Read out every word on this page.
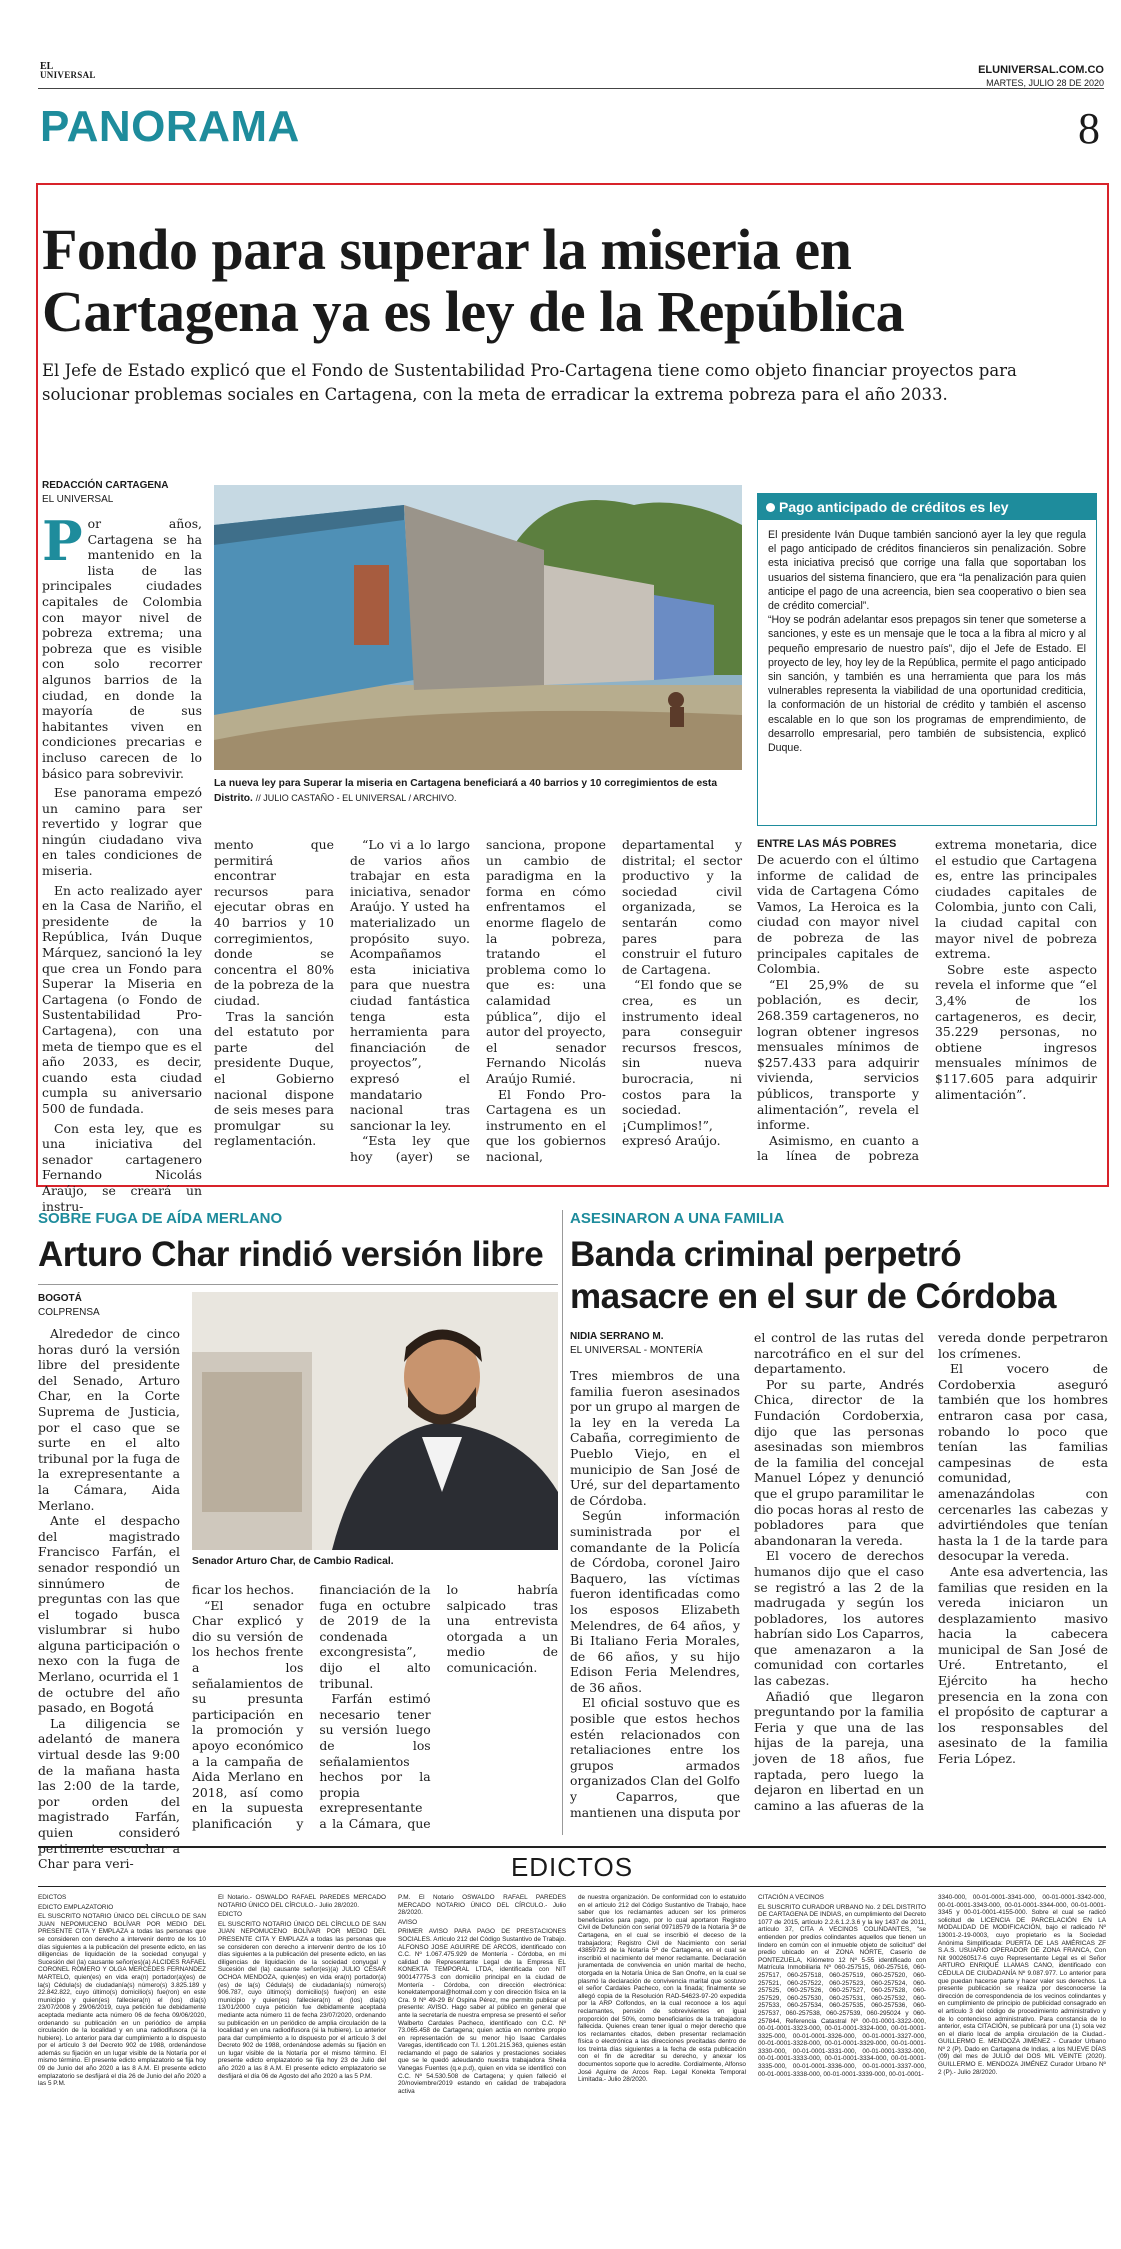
EL
UNIVERSAL	ELUNIVERSAL.COM.CO
MARTES, JULIO 28 DE 2020
PANORAMA	8
Fondo para superar la miseria en
Cartagena ya es ley de la República
El Jefe de Estado explicó que el Fondo de Sustentabilidad Pro-Cartagena tiene como objeto financiar proyectos para solucionar problemas sociales en Cartagena, con la meta de erradicar la extrema pobreza para el año 2033.
REDACCIÓN CARTAGENA
EL UNIVERSAL
La nueva ley para Superar la miseria en Cartagena beneficiará a 40 barrios y 10 corregimientos de esta Distrito. // JULIO CASTAÑO - EL UNIVERSAL / ARCHIVO.
Pago anticipado de créditos es ley

El presidente Iván Duque también sancionó ayer la ley que regula el pago anticipado de créditos financieros sin penalización. Sobre esta iniciativa precisó que corrige una falla que soportaban los usuarios del sistema financiero, que era “la penalización para quien anticipe el pago de una acreencia, bien sea cooperativo o bien sea de crédito comercial”.

“Hoy se podrán adelantar esos prepagos sin tener que someterse a sanciones, y este es un mensaje que le toca a la fibra al micro y al pequeño empresario de nuestro país”, dijo el Jefe de Estado. El proyecto de ley, hoy ley de la República, permite el pago anticipado sin sanción, y también es una herramienta que para los más vulnerables representa la viabilidad de una oportunidad crediticia, la conformación de un historial de crédito y también el ascenso escalable en lo que son los programas de emprendimiento, de desarrollo empresarial, pero también de subsistencia, explicó Duque.

Por años, Cartagena se ha mantenido en la lista de las principales ciudades capitales de Colombia con mayor nivel de pobreza extrema; una pobreza que es visible con solo recorrer algunos barrios de la ciudad, en donde la mayoría de sus habitantes viven en condiciones precarias e incluso carecen de lo básico para sobrevivir.

Ese panorama empezó un camino para ser revertido y lograr que ningún ciudadano viva en tales condiciones de miseria.

En acto realizado ayer en la Casa de Nariño, el presidente de la República, Iván Duque Márquez, sancionó la ley que crea un Fondo para Superar la Miseria en Cartagena (o Fondo de Sustentabilidad Pro-Cartagena), con una meta de tiempo que es el año 2033, es decir, cuando esta ciudad cumpla su aniversario 500 de fundada.

Con esta ley, que es una iniciativa del senador cartagenero Fernando Nicolás Araújo, se creará un instru-

mento que permitirá encontrar recursos para ejecutar obras en 40 barrios y 10 corregimientos, donde se concentra el 80% de la pobreza de la ciudad.

Tras la sanción del estatuto por parte del presidente Duque, el Gobierno nacional dispone de seis meses para promulgar su reglamentación.

“Lo vi a lo largo de varios años trabajar en esta iniciativa, senador Araújo. Y usted ha materializado un propósito suyo. Acompañamos esta iniciativa para que nuestra ciudad fantástica tenga esta herramienta para financiación de proyectos”, expresó el mandatario nacional tras sancionar la ley.

“Esta ley que hoy (ayer) se sanciona, propone un cambio de paradigma en la forma en cómo enfrentamos el enorme flagelo de la pobreza, tratando el problema como lo que es: una calamidad pública”, dijo el autor del proyecto, el senador Fernando Nicolás Araújo Rumié.

El Fondo Pro-Cartagena es un instrumento en el que los gobiernos nacional, departamental y distrital; el sector productivo y la sociedad civil organizada, se sentarán como pares para construir el futuro de Cartagena.

“El fondo que se crea, es un instrumento ideal para conseguir recursos frescos, sin nueva burocracia, ni costos para la sociedad. ¡Cumplimos!”, expresó Araújo.

ENTRE LAS MÁS POBRES

De acuerdo con el último informe de calidad de vida de Cartagena Cómo Vamos, La Heroica es la ciudad con mayor nivel de pobreza de las principales capitales de Colombia.

“El 25,9% de su población, es decir, 268.359 cartageneros, no logran obtener ingresos mensuales mínimos de $257.433 para adquirir vivienda, servicios públicos, transporte y alimentación”, revela el informe.

Asimismo, en cuanto a la línea de pobreza extrema monetaria, dice el estudio que Cartagena es, entre las principales ciudades capitales de Colombia, junto con Cali, la ciudad capital con mayor nivel de pobreza extrema.

Sobre este aspecto revela el informe que “el 3,4% de los cartageneros, es decir, 35.229 personas, no obtiene ingresos mensuales mínimos de $117.605 para adquirir alimentación”.

SOBRE FUGA DE AÍDA MERLANO
Arturo Char rindió versión libre
BOGOTÁ
COLPRENSA

Alrededor de cinco horas duró la versión libre del presidente del Senado, Arturo Char, en la Corte Suprema de Justicia, por el caso que se surte en el alto tribunal por la fuga de la exrepresentante a la Cámara, Aida Merlano.

Ante el despacho del magistrado Francisco Farfán, el senador respondió un sinnúmero de preguntas con las que el togado busca vislumbrar si hubo alguna participación o nexo con la fuga de Merlano, ocurrida el 1 de octubre del año pasado, en Bogotá

La diligencia se adelantó de manera virtual desde las 9:00 de la mañana hasta las 2:00 de la tarde, por orden del magistrado Farfán, quien consideró pertinente escuchar a Char para veri-

Senador Arturo Char, de Cambio Radical.

ficar los hechos.

“El senador Char explicó y dio su versión de los hechos frente a los señalamientos de su presunta participación en la promoción y apoyo económico a la campaña de Aida Merlano en 2018, así como en la supuesta planificación y financiación de la fuga en octubre de 2019 de la condenada excongresista”, dijo el alto tribunal.

Farfán estimó necesario tener su versión luego de los señalamientos hechos por la propia exrepresentante a la Cámara, que lo habría salpicado tras una entrevista otorgada a un medio de comunicación.

ASESINARON A UNA FAMILIA
Banda criminal perpetró
masacre en el sur de Córdoba
NIDIA SERRANO M.
EL UNIVERSAL - MONTERÍA

Tres miembros de una familia fueron asesinados por un grupo al margen de la ley en la vereda La Cabaña, corregimiento de Pueblo Viejo, en el municipio de San José de Uré, sur del departamento de Córdoba.

Según información suministrada por el comandante de la Policía de Córdoba, coronel Jairo Baquero, las víctimas fueron identificadas como los esposos Elizabeth Melendres, de 64 años, y Bi Italiano Feria Morales, de 66 años, y su hijo Edison Feria Melendres, de 36 años.

El oficial sostuvo que es posible que estos hechos estén relacionados con retaliaciones entre los grupos armados organizados Clan del Golfo y Caparros, que mantienen una disputa por el control de las rutas del narcotráfico en el sur del departamento.

Por su parte, Andrés Chica, director de la Fundación Cordoberxia, dijo que las personas asesinadas son miembros de la familia del concejal Manuel López y denunció que el grupo paramilitar le dio pocas horas al resto de pobladores para que abandonaran la vereda.

El vocero de derechos humanos dijo que el caso se registró a las 2 de la madrugada y según los pobladores, los autores habrían sido Los Caparros, que amenazaron a la comunidad con cortarles las cabezas.

Añadió que llegaron preguntando por la familia Feria y que una de las hijas de la pareja, una joven de 18 años, fue raptada, pero luego la dejaron en libertad en un camino a las afueras de la vereda donde perpetraron los crímenes.

El vocero de Cordoberxia aseguró también que los hombres entraron casa por casa, robando lo poco que tenían las familias campesinas de esta comunidad, amenazándolas con cercenarles las cabezas y advirtiéndoles que tenían hasta la 1 de la tarde para desocupar la vereda.

Ante esa advertencia, las familias que residen en la vereda iniciaron un desplazamiento masivo hacia la cabecera municipal de San José de Uré. Entretanto, el Ejército ha hecho presencia en la zona con el propósito de capturar a los responsables del asesinato de la familia Feria López.

EDICTOS

EDICTOS

EDICTO EMPLAZATORIO

EL SUSCRITO NOTARIO ÚNICO DEL CÍRCULO DE SAN JUAN NEPOMUCENO BOLÍVAR POR MEDIO DEL PRESENTE CITA Y EMPLAZA a todas las personas que se consideren con derecho a intervenir dentro de los 10 días siguientes a la publicación del presente edicto, en las diligencias de liquidación de la sociedad conyugal y Sucesión del (la) causante señor(es)(a) ALCIDES RAFAEL CORONEL ROMERO Y OLGA MERCEDES FERNANDEZ MARTELO, quien(es) en vida era(n) portador(a)(es) de la(s) Cédula(s) de ciudadanía(s) número(s) 3.825.189 y 22.842.822, cuyo último(s) domicilio(s) fue(ron) en este municipio y quien(es) falleciera(n) el (los) día(s) 23/07/2008 y 29/06/2019, cuya petición fue debidamente aceptada mediante acta número 06 de fecha 09/06/2020, ordenando su publicación en un periódico de amplia circulación de la localidad y en una radiodifusora (si la hubiere). Lo anterior para dar cumplimiento a lo dispuesto por el artículo 3 del Decreto 902 de 1988, ordenándose además su fijación en un lugar visible de la Notaría por el mismo término. El presente edicto emplazatorio se fija hoy 09 de Junio del año 2020 a las 8 A.M. El presente edicto emplazatorio se desfijará el día 26 de Junio del año 2020 a las 5 P.M.

El Notario.- OSWALDO RAFAEL PAREDES MERCADO NOTARIO ÚNICO DEL CÍRCULO.- Julio 28/2020.

EDICTO

EL SUSCRITO NOTARIO ÚNICO DEL CÍRCULO DE SAN JUAN NEPOMUCENO BOLÍVAR POR MEDIO DEL PRESENTE CITA Y EMPLAZA a todas las personas que se consideren con derecho a intervenir dentro de los 10 días siguientes a la publicación del presente edicto, en las diligencias de liquidación de la sociedad conyugal y Sucesión del (la) causante señor(es)(a) JULIO CESAR OCHOA MENDOZA, quien(es) en vida era(n) portador(a)(es) de la(s) Cédula(s) de ciudadanía(s) número(s) 906.787, cuyo último(s) domicilio(s) fue(ron) en este municipio y quien(es) falleciera(n) el (los) día(s) 13/01/2000 cuya petición fue debidamente aceptada mediante acta número 11 de fecha 23/07/2020, ordenando su publicación en un periódico de amplia circulación de la localidad y en una radiodifusora (si la hubiere). Lo anterior para dar cumplimiento a lo dispuesto por el artículo 3 del Decreto 902 de 1988, ordenándose además su fijación en un lugar visible de la Notaría por el mismo término. El presente edicto emplazatorio se fija hoy 23 de Julio del año 2020 a las 8 A.M. El presente edicto emplazatorio se desfijará el día 06 de Agosto del año 2020 a las 5 P.M.

P.M. El Notario OSWALDO RAFAEL PAREDES MERCADO NOTARIO ÚNICO DEL CÍRCULO.- Julio 28/2020.

AVISO

PRIMER AVISO PARA PAGO DE PRESTACIONES SOCIALES. Artículo 212 del Código Sustantivo de Trabajo. ALFONSO JOSE AGUIRRE DE ARCOS, identificado con C.C. Nº 1.067.475.929 de Montería - Córdoba, en mi calidad de Representante Legal de la Empresa EL KONEKTA TEMPORAL LTDA, identificada con NIT 900147775-3 con domicilio principal en la ciudad de Montería - Córdoba, con dirección electrónica: konektatemporal@hotmail.com y con dirección física en la Cra. 9 Nº 49-29 B/ Ospina Pérez, me permito publicar el presente: AVISO. Hago saber al público en general que ante la secretaría de nuestra empresa se presentó el señor Walberto Cardales Pacheco, identificado con C.C. Nº 73.065.458 de Cartagena; quien actúa en nombre propio en representación de su menor hijo Isaac Cardales Varegas, identificado con T.I. 1.201.215.363, quienes están reclamando el pago de salarios y prestaciones sociales que se le quedó adeudando nuestra trabajadora Sheila Vanegas Fuentes (q.e.p.d), quien en vida se identificó con C.C. Nº 54.530.508 de Cartagena; y quien falleció el 20/noviembre/2019 estando en calidad de trabajadora activa

de nuestra organización. De conformidad con lo estatuido en el artículo 212 del Código Sustantivo de Trabajo, hace saber que los reclamantes aducen ser los primeros beneficiarios para pago, por lo cual aportaron Registro Civil de Defunción con serial 09718579 de la Notaría 3ª de Cartagena, en el cual se inscribió el deceso de la trabajadora; Registro Civil de Nacimiento con serial 43859723 de la Notaría 5ª de Cartagena, en el cual se inscribió el nacimiento del menor reclamante. Declaración juramentada de convivencia en unión marital de hecho, otorgada en la Notaría Única de San Onofre, en la cual se plasmó la declaración de convivencia marital que sostuvo el señor Cardales Pacheco, con la finada; finalmente se allegó copia de la Resolución RAD-54623-97-20 expedida por la ARP Colfondos, en la cual reconoce a los aquí reclamantes, pensión de sobrevivientes en igual proporción del 50%, como beneficiarios de la trabajadora fallecida. Quienes crean tener igual o mejor derecho que los reclamantes citados, deben presentar reclamación física o electrónica a las direcciones precitadas dentro de los treinta días siguientes a la fecha de esta publicación con el fin de acreditar su derecho, y anexar los documentos soporte que lo acredite. Cordialmente, Alfonso José Aguirre de Arcos Rep. Legal Konekta Temporal Limitada.- Julio 28/2020.

CITACIÓN A VECINOS

EL SUSCRITO CURADOR URBANO No. 2 DEL DISTRITO DE CARTAGENA DE INDIAS, en cumplimiento del Decreto 1077 de 2015, artículo 2.2.6.1.2.3.6 y la ley 1437 de 2011, artículo 37, CITA A VECINOS COLINDANTES, "se entienden por predios colindantes aquellos que tienen un lindero en común con el inmueble objeto de solicitud" del predio ubicado en el ZONA NORTE, Caserío de PONTEZUELA, Kilómetro 12 Nº 5-55 identificado con Matrícula Inmobiliaria Nº 060-257515, 060-257516, 060-257517, 060-257518, 060-257519, 060-257520, 060-257521, 060-257522, 060-257523, 060-257524, 060-257525, 060-257526, 060-257527, 060-257528, 060-257529, 060-257530, 060-257531, 060-257532, 060-257533, 060-257534, 060-257535, 060-257536, 060-257537, 060-257538, 060-257539, 060-295024 y 060-257844, Referencia Catastral Nº 00-01-0001-3322-000, 00-01-0001-3323-000, 00-01-0001-3324-000, 00-01-0001-3325-000, 00-01-0001-3326-000, 00-01-0001-3327-000, 00-01-0001-3328-000, 00-01-0001-3329-000, 00-01-0001-3330-000, 00-01-0001-3331-000, 00-01-0001-3332-000, 00-01-0001-3333-000, 00-01-0001-3334-000, 00-01-0001-3335-000, 00-01-0001-3336-000, 00-01-0001-3337-000, 00-01-0001-3338-000, 00-01-0001-3339-000, 00-01-0001-

3340-000, 00-01-0001-3341-000, 00-01-0001-3342-000, 00-01-0001-3343-000, 00-01-0001-3344-000, 00-01-0001-3345 y 00-01-0001-4155-000. Sobre el cual se radicó solicitud de LICENCIA DE PARCELACIÓN EN LA MODALIDAD DE MODIFICACIÓN, bajo el radicado Nº 13001-2-19-0003, cuyo propietario es la Sociedad Anónima Simplificada: PUERTA DE LAS AMÉRICAS ZF S.A.S. USUARIO OPERADOR DE ZONA FRANCA, Con Nit 900260517-6 cuyo Representante Legal es el Señor ARTURO ENRIQUE LLAMAS CANO, identificado con CÉDULA DE CIUDADANÍA Nº 9.087.977. Lo anterior para que puedan hacerse parte y hacer valer sus derechos. La presente publicación se realiza por desconocerse la dirección de correspondencia de los vecinos colindantes y en cumplimiento de principio de publicidad consagrado en el artículo 3 del código de procedimiento administrativo y de lo contencioso administrativo. Para constancia de lo anterior, esta CITACIÓN, se publicará por una (1) sola vez en el diario local de amplia circulación de la Ciudad.- GUILLERMO E. MENDOZA JIMÉNEZ - Curador Urbano Nº 2 (P). Dado en Cartagena de Indias, a los NUEVE DÍAS (09) del mes de JULIO del DOS MIL VEINTE (2020). GUILLERMO E. MENDOZA JIMÉNEZ Curador Urbano Nº 2 (P).- Julio 28/2020.
